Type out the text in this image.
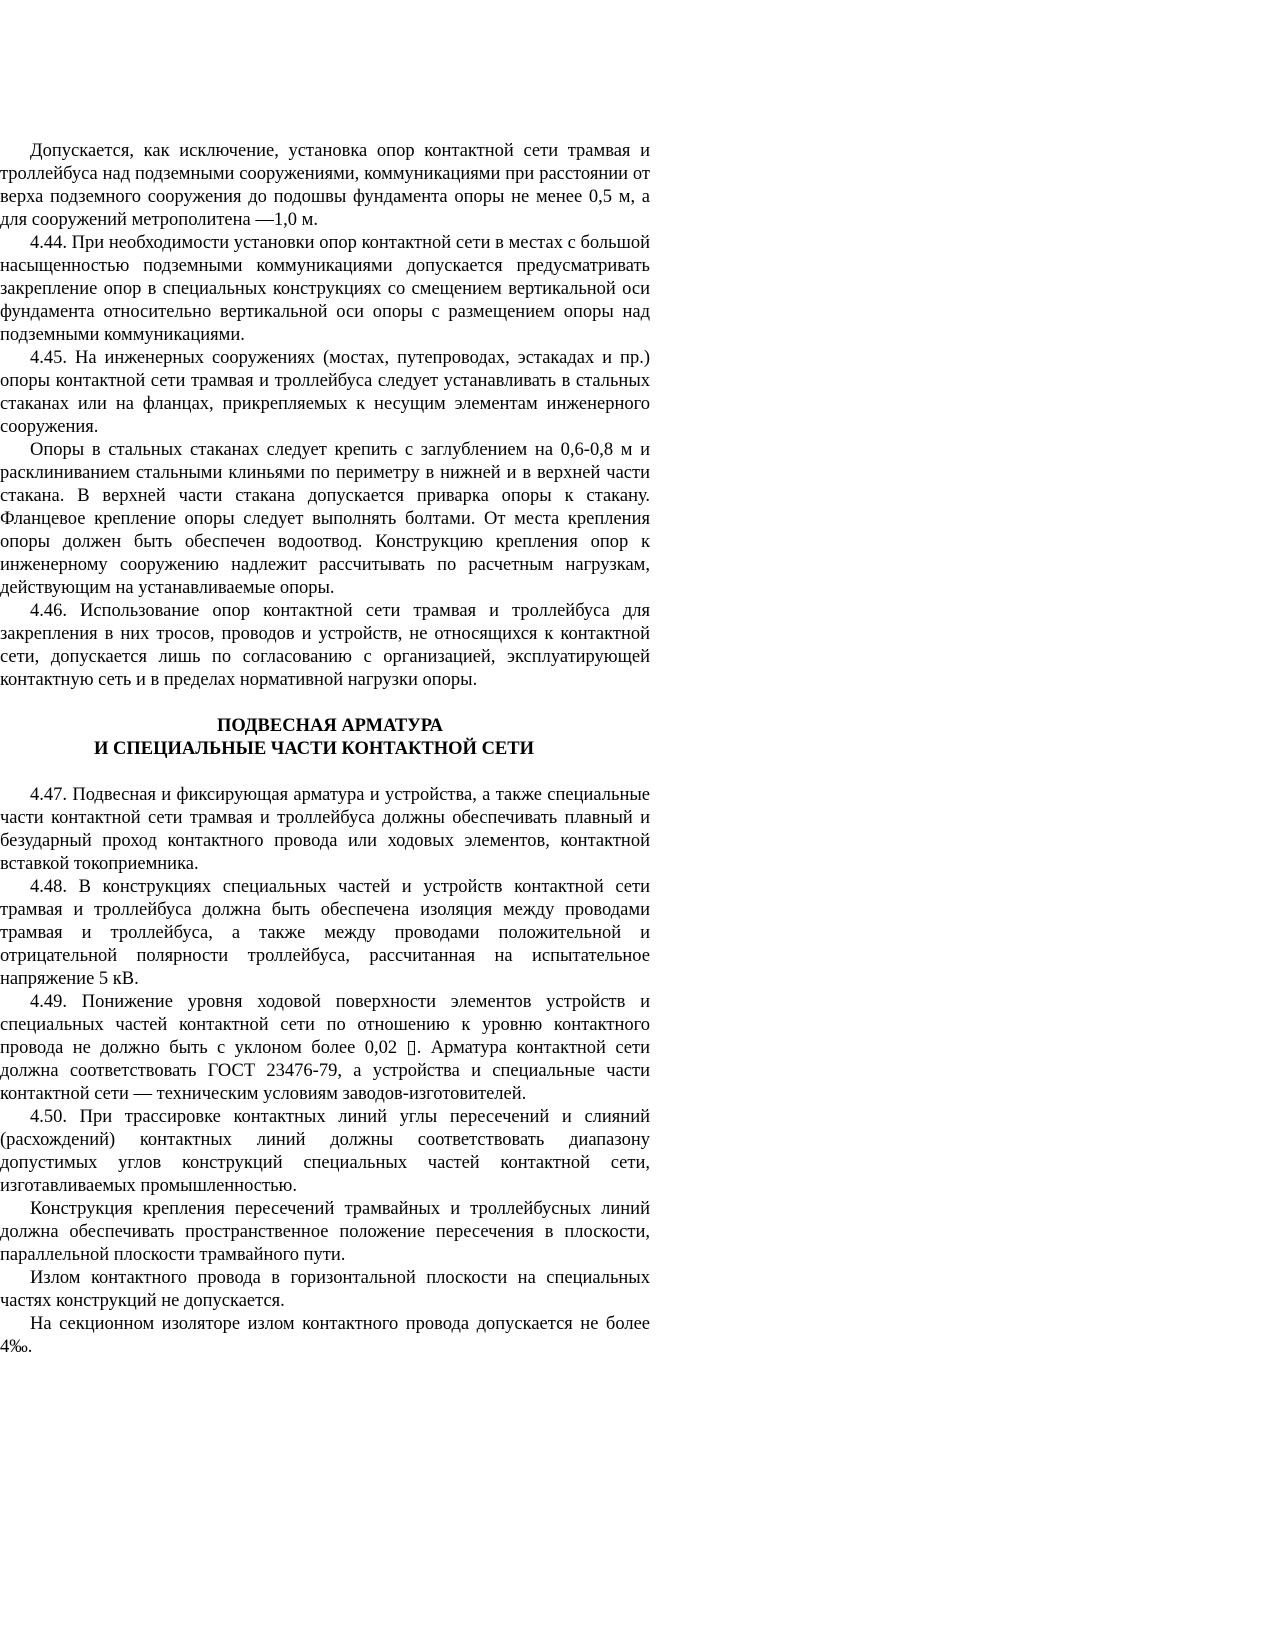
Допускается, как исключение, установка опор контактной сети трамвая и троллейбуса над подземными сооружениями, коммуникациями при расстоянии от верха подземного сооружения до подошвы фундамента опоры не менее 0,5 м, а для сооружений метрополитена —1,0 м.

4.44. При необходимости установки опор контактной сети в местах с большой насыщенностью подземными коммуникациями допускается предусматривать закрепление опор в специальных конструкциях со смещением вертикальной оси фундамента относительно вертикальной оси опоры с размещением опоры над подземными коммуникациями.

4.45. На инженерных сооружениях (мостах, путепроводах, эстакадах и пр.) опоры контактной сети трамвая и троллейбуса следует устанавливать в стальных стаканах или на фланцах, прикрепляемых к несущим элементам инженерного сооружения.

Опоры в стальных стаканах следует крепить с заглублением на 0,6-0,8 м и расклиниванием стальными клиньями по периметру в нижней и в верхней части стакана. В верхней части стакана допускается приварка опоры к стакану. Фланцевое крепление опоры следует выполнять болтами. От места крепления опоры должен быть обеспечен водоотвод. Конструкцию крепления опор к инженерному сооружению надлежит рассчитывать по расчетным нагрузкам, действующим на устанавливаемые опоры.

4.46. Использование опор контактной сети трамвая и троллейбуса для закрепления в них тросов, проводов и устройств, не относящихся к контактной сети, допускается лишь по согласованию с организацией, эксплуатирующей контактную сеть и в пределах нормативной нагрузки опоры.

ПОДВЕСНАЯ АРМАТУРА

И СПЕЦИАЛЬНЫЕ ЧАСТИ КОНТАКТНОЙ СЕТИ

4.47. Подвесная и фиксирующая арматура и устройства, а также специальные части контактной сети трамвая и троллейбуса должны обеспечивать плавный и безударный проход контактного провода или ходовых элементов, контактной вставкой токоприемника.

4.48. В конструкциях специальных частей и устройств контактной сети трамвая и троллейбуса должна быть обеспечена изоляция между проводами трамвая и троллейбуса, а также между проводами положительной и отрицательной полярности троллейбуса, рассчитанная на испытательное напряжение 5 кВ.

4.49. Понижение уровня ходовой поверхности элементов устройств и специальных частей контактной сети по отношению к уровню контактного провода не должно быть с уклоном более 0,02 ▯. Арматура контактной сети должна соответствовать ГОСТ 23476-79, а устройства и специальные части контактной сети — техническим условиям заводов-изготовителей.

4.50. При трассировке контактных линий углы пересечений и слияний (расхождений) контактных линий должны соответствовать диапазону допустимых углов конструкций специальных частей контактной сети, изготавливаемых промышленностью.

Конструкция крепления пересечений трамвайных и троллейбусных линий должна обеспечивать пространственное положение пересечения в плоскости, параллельной плоскости трамвайного пути.

Излом контактного провода в горизонтальной плоскости на специальных частях конструкций не допускается.

На секционном изоляторе излом контактного провода допускается не более 4‰.
